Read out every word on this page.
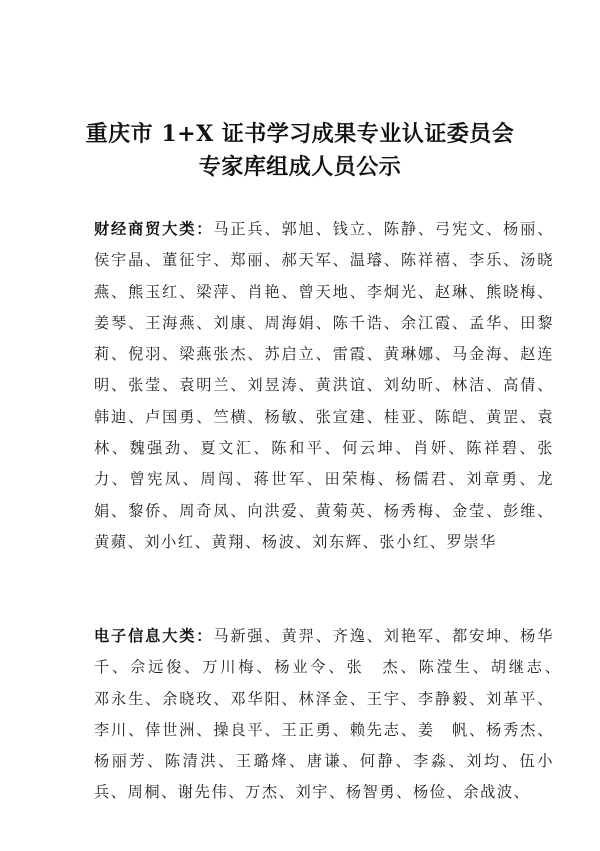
重庆市 1+X 证书学习成果专业认证委员会
专家库组成人员公示
财经商贸大类：马正兵、郭旭、钱立、陈静、弓宪文、杨丽、侯宇晶、董征宇、郑丽、郝天军、温璿、陈祥禧、李乐、汤晓燕、熊玉红、梁萍、肖艳、曾天地、李炯光、赵琳、熊晓梅、姜琴、王海燕、刘康、周海娟、陈千诰、余江霞、孟华、田黎莉、倪羽、梁燕张杰、苏启立、雷霞、黄琳娜、马金海、赵连明、张莹、袁明兰、刘昱涛、黄洪谊、刘幼昕、林洁、高倩、韩迪、卢国勇、竺横、杨敏、张宣建、桂亚、陈皑、黄罡、袁林、魏强劲、夏文汇、陈和平、何云坤、肖妍、陈祥碧、张力、曾宪凤、周闯、蒋世军、田荣梅、杨儒君、刘章勇、龙娟、黎侨、周奇凤、向洪爱、黄菊英、杨秀梅、金莹、彭维、黄蘋、刘小红、黄翔、杨波、刘东辉、张小红、罗崇华
电子信息大类：马新强、黄羿、齐逸、刘艳军、都安坤、杨华千、佘远俊、万川梅、杨业令、张　杰、陈滢生、胡继志、　邓永生、余晓玫、邓华阳、林泽金、王宇、李静毅、刘革平、李川、倖世洲、操良平、王正勇、赖先志、姜　帆、杨秀杰、杨丽芳、陈清洪、王璐烽、唐谦、何静、李淼、刘均、伍小兵、周桐、谢先伟、万杰、刘宇、杨智勇、杨俭、余战波、
